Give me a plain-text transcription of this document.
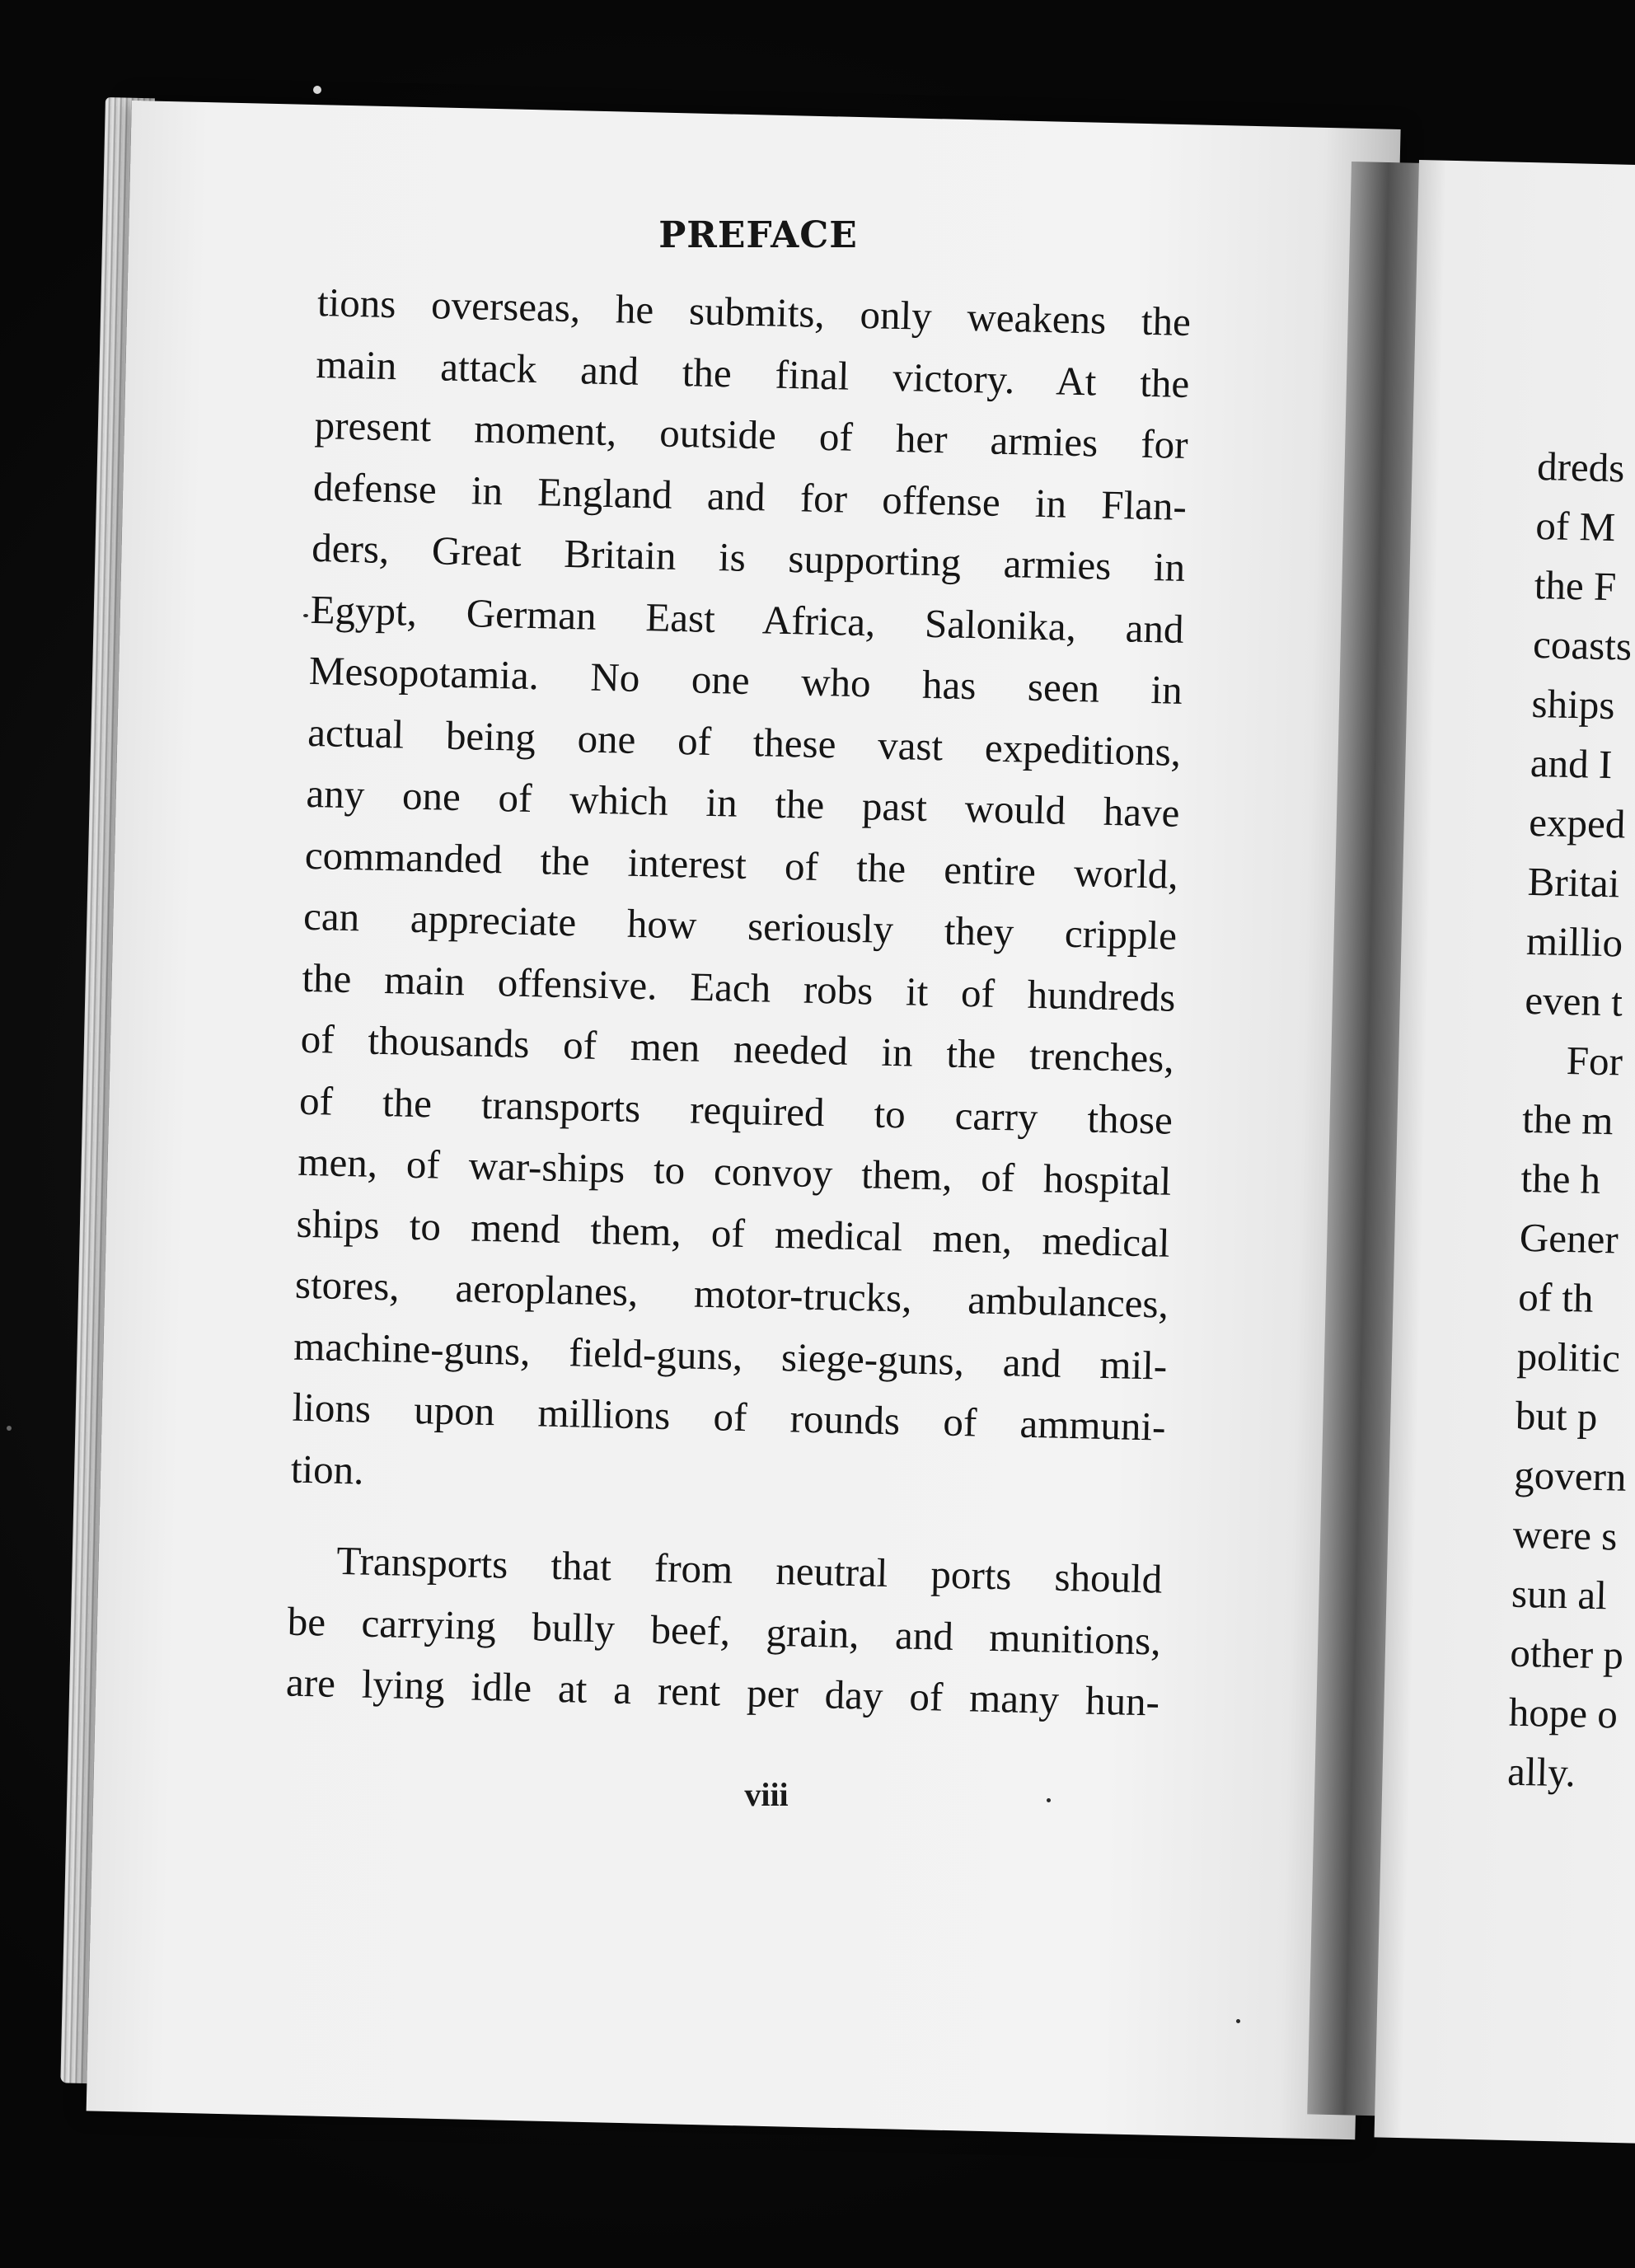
PREFACE
tions overseas, he submits, only weakens the
main attack and the final victory. At the
present moment, outside of her armies for
defense in England and for offense in Flan-
ders, Great Britain is supporting armies in
Egypt, German East Africa, Salonika, and
Mesopotamia. No one who has seen in
actual being one of these vast expeditions,
any one of which in the past would have
commanded the interest of the entire world,
can appreciate how seriously they cripple
the main offensive. Each robs it of hundreds
of thousands of men needed in the trenches,
of the transports required to carry those
men, of war-ships to convoy them, of hospital
ships to mend them, of medical men, medical
stores, aeroplanes, motor-trucks, ambulances,
machine-guns, field-guns, siege-guns, and mil-
lions upon millions of rounds of ammuni-
tion.
Transports that from neutral ports should
be carrying bully beef, grain, and munitions,
are lying idle at a rent per day of many hun-
viii
dreds
of M
the F
coasts
ships
and I
exped
Britai
millio
even t
For
the m
the h
Gener
of th
politic
but p
govern
were s
sun al
other p
hope o
ally.
